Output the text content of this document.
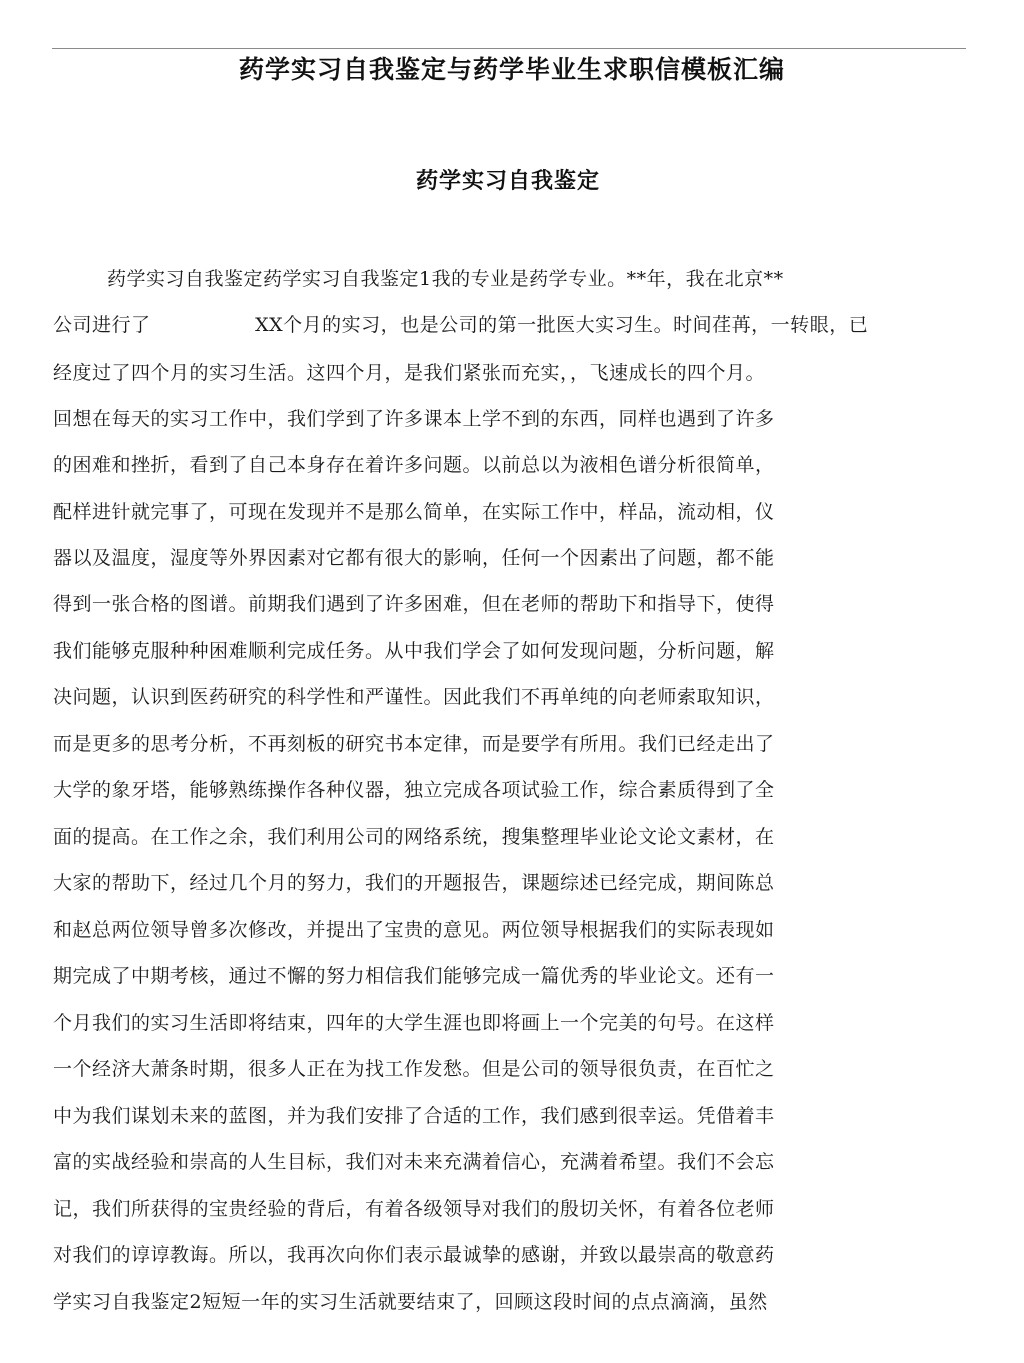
药学实习自我鉴定与药学毕业生求职信模板汇编
药学实习自我鉴定
药学实习自我鉴定药学实习自我鉴定1我的专业是药学专业。**年，我在北京**
公司进行了                XX个月的实习，也是公司的第一批医大实习生。时间荏苒，一转眼，已
经度过了四个月的实习生活。这四个月，是我们紧张而充实，，飞速成长的四个月。
回想在每天的实习工作中，我们学到了许多课本上学不到的东西，同样也遇到了许多
的困难和挫折，看到了自己本身存在着许多问题。以前总以为液相色谱分析很简单，
配样进针就完事了，可现在发现并不是那么简单，在实际工作中，样品，流动相，仪
器以及温度，湿度等外界因素对它都有很大的影响，任何一个因素出了问题，都不能
得到一张合格的图谱。前期我们遇到了许多困难，但在老师的帮助下和指导下，使得
我们能够克服种种困难顺利完成任务。从中我们学会了如何发现问题，分析问题，解
决问题，认识到医药研究的科学性和严谨性。因此我们不再单纯的向老师索取知识，
而是更多的思考分析，不再刻板的研究书本定律，而是要学有所用。我们已经走出了
大学的象牙塔，能够熟练操作各种仪器，独立完成各项试验工作，综合素质得到了全
面的提高。在工作之余，我们利用公司的网络系统，搜集整理毕业论文论文素材，在
大家的帮助下，经过几个月的努力，我们的开题报告，课题综述已经完成，期间陈总
和赵总两位领导曾多次修改，并提出了宝贵的意见。两位领导根据我们的实际表现如
期完成了中期考核，通过不懈的努力相信我们能够完成一篇优秀的毕业论文。还有一
个月我们的实习生活即将结束，四年的大学生涯也即将画上一个完美的句号。在这样
一个经济大萧条时期，很多人正在为找工作发愁。但是公司的领导很负责，在百忙之
中为我们谋划未来的蓝图，并为我们安排了合适的工作，我们感到很幸运。凭借着丰
富的实战经验和崇高的人生目标，我们对未来充满着信心，充满着希望。我们不会忘
记，我们所获得的宝贵经验的背后，有着各级领导对我们的殷切关怀，有着各位老师
对我们的谆谆教诲。所以，我再次向你们表示最诚挚的感谢，并致以最崇高的敬意药
学实习自我鉴定2短短一年的实习生活就要结束了，回顾这段时间的点点滴滴，虽然
